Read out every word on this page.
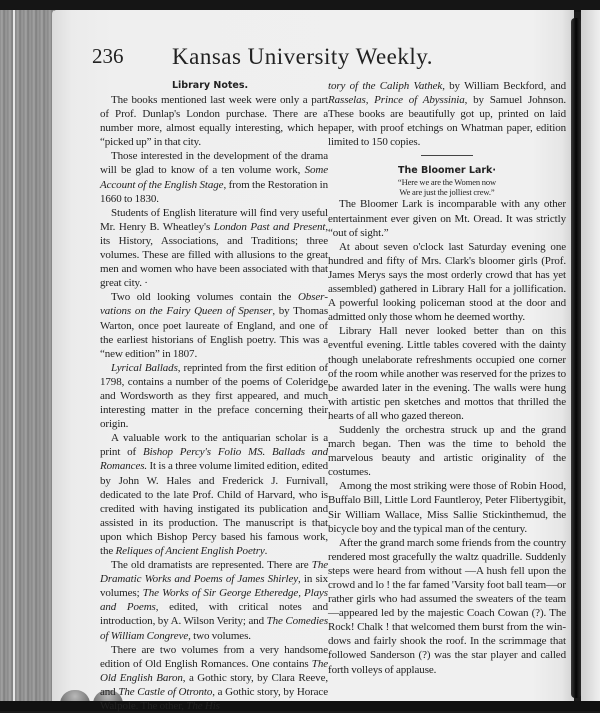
236 Kansas University Weekly.
Library Notes.

The books mentioned last week were only a part of Prof. Dunlap's London purchase. There are a number more, almost equally interesting, which he “picked up” in that city.

Those interested in the development of the drama will be glad to know of a ten volume work, Some Account of the English Stage, from the Restoration in 1660 to 1830.

Students of English literature will find very useful Mr. Henry B. Wheatley's London Past and Present, its History, Associations, and Traditions; three volumes. These are filled with allusions to the great men and women who have been associated with that great city. ·

Two old looking volumes contain the Observations on the Fairy Queen of Spenser, by Thomas Warton, once poet laureate of England, and one of the earliest historians of English poetry. This was a “new edition” in 1807.

Lyrical Ballads, reprinted from the first edition of 1798, contains a number of the poems of Coleridge and Wordsworth as they first appeared, and much interesting matter in the preface concerning their origin.

A valuable work to the antiquarian scholar is a print of Bishop Percy's Folio MS. Ballads and Romances. It is a three volume limited edition, edited by John W. Hales and Frederick J. Furnivall, dedicated to the late Prof. Child of Harvard, who is credited with having instigated its publication and assisted in its production. The manuscript is that upon which Bishop Percy based his famous work, the Reliques of Ancient English Poetry.

The old dramatists are represented. There are The Dramatic Works and Poems of James Shirley, in six volumes; The Works of Sir George Etheredge, Plays and Poems, edited, with critical notes and introduction, by A. Wilson Verity; and The Comedies of William Congreve, two volumes.

There are two volumes from a very handsome edition of Old English Romances. One contains The Old English Baron, a Gothic story, by Clara Reeve, and The Castle of Otronto, a Gothic story, by Horace Walpole. The other, The His

tory of the Caliph Vathek, by William Beckford, and Rasselas, Prince of Abyssinia, by Samuel Johnson. These books are beautifully got up, printed on laid paper, with proof etchings on Whatman paper, edition limited to 150 copies.

The Bloomer Lark·
“Here we are the Women now
We are just the jolliest crew.”

The Bloomer Lark is incomparable with any other entertainment ever given on Mt. Oread. It was strictly “out of sight.”

At about seven o'clock last Saturday evening one hundred and fifty of Mrs. Clark's bloomer girls (Prof. James Merys says the most orderly crowd that has yet assembled) gathered in Library Hall for a jollification. A powerful looking policeman stood at the door and admitted only those whom he deemed worthy.

Library Hall never looked better than on this eventful evening. Little tables covered with the dainty though unelaborate refreshments occupied one corner of the room while another was reserved for the prizes to be awarded later in the evening. The walls were hung with artistic pen sketches and mottos that thrilled the hearts of all who gazed thereon.

Suddenly the orchestra struck up and the grand march began. Then was the time to behold the marvelous beauty and artistic originality of the costumes.

Among the most striking were those of Robin Hood, Buffalo Bill, Little Lord Fauntleroy, Peter Flibertygibit, Sir William Wallace, Miss Sallie Stickinthemud, the bicycle boy and the typical man of the century.

After the grand march some friends from the country rendered most gracefully the waltz quadrille. Suddenly steps were heard from without —A hush fell upon the crowd and lo ! the far famed 'Varsity foot ball team—or rather girls who had assumed the sweaters of the team—appeared led by the majestic Coach Cowan (?). The Rock! Chalk ! that welcomed them burst from the windows and fairly shook the roof. In the scrimmage that followed Sanderson (?) was the star player and called forth volleys of applause.
